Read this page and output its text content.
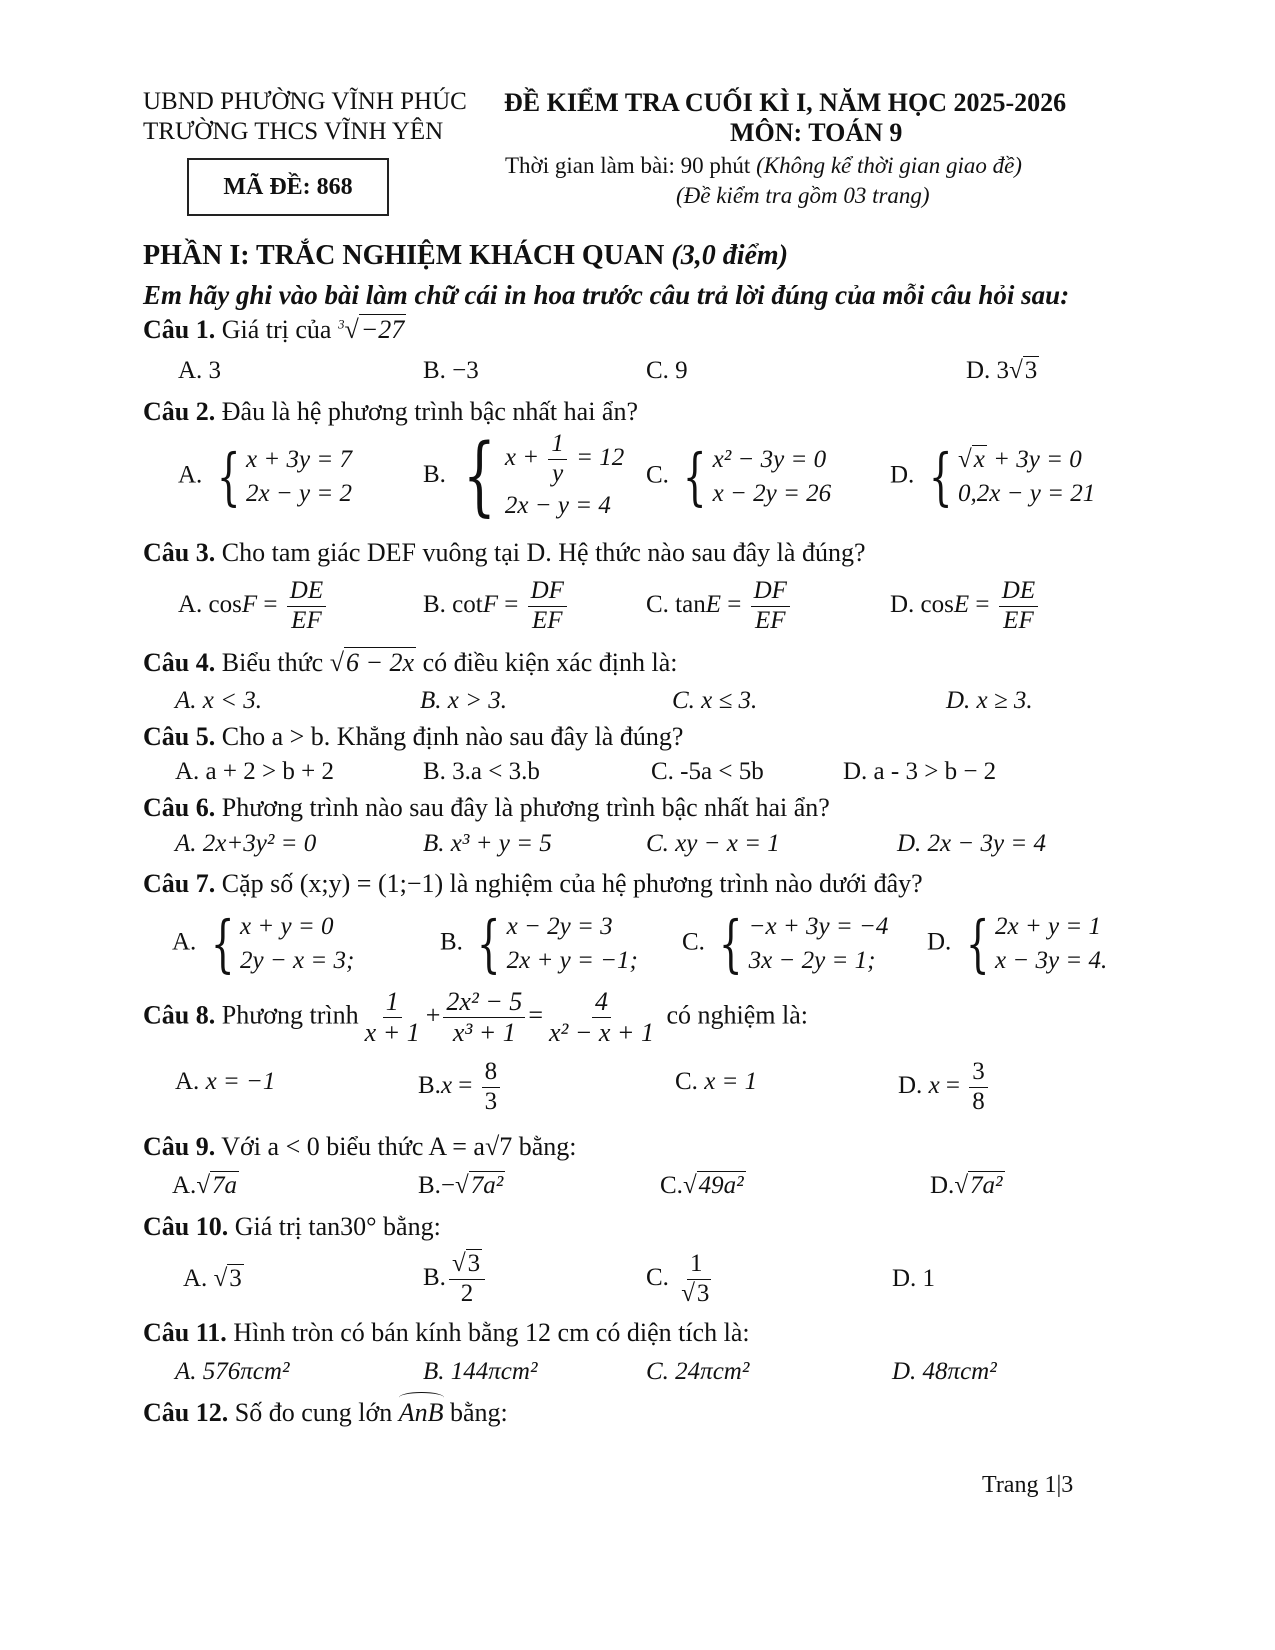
UBND PHƯỜNG VĨNH PHÚC
TRƯỜNG THCS VĨNH YÊN
MÃ ĐỀ: 868
ĐỀ KIỂM TRA CUỐI KÌ I, NĂM HỌC 2025-2026
MÔN: TOÁN 9
Thời gian làm bài: 90 phút (Không kể thời gian giao đề)
(Đề kiểm tra gồm 03 trang)
PHẦN I: TRẮC NGHIỆM KHÁCH QUAN (3,0 điểm)
Em hãy ghi vào bài làm chữ cái in hoa trước câu trả lời đúng của mỗi câu hỏi sau:
Câu 1. Giá trị của $^3$√−27
A. 3	B. −3	C. 9	D. 3√3
Câu 2. Đâu là hệ phương trình bậc nhất hai ẩn?
A. { x + 3y = 7
2x − y = 2
B. { $x + \frac{1}{y} = 12$
2x − y = 4
C. { x² − 3y = 0
x − 2y = 26
D. { √x + 3y = 0
0,2x − y = 21
Câu 3. Cho tam giác DEF vuông tại D. Hệ thức nào sau đây là đúng?
A. $\cos F = \frac{DE}{EF}$	B. $\cot F = \frac{DF}{EF}$	C. $\tan E = \frac{DF}{EF}$	D. $\cos E = \frac{DE}{EF}$
Câu 4. Biểu thức √6 − 2x có điều kiện xác định là:
A. x < 3.	B. x > 3.	C. x ≤ 3.	D. x ≥ 3.
Câu 5. Cho a > b. Khẳng định nào sau đây là đúng?
A. a + 2 > b + 2	B. 3.a < 3.b	C. -5a < 5b	D. a - 3 > b − 2
Câu 6. Phương trình nào sau đây là phương trình bậc nhất hai ẩn?
A. 2x+3y² = 0	B. x³ + y = 5	C. xy − x = 1	D. 2x − 3y = 4
Câu 7. Cặp số (x;y) = (1;−1) là nghiệm của hệ phương trình nào dưới đây?
A. { x + y = 0
2y − x = 3;
B. { x − 2y = 3
2x + y = −1;
C. { −x + 3y = −4
3x − 2y = 1;
D. { 2x + y = 1
x − 3y = 4.
Câu 8. Phương trình $\frac{1}{x + 1} + \frac{\text{2x² − 5}}{\text{x³ + 1}} = \frac{4}{\text{x² − x + 1}}$ có nghiệm là:
A. x = −1	$B.x = \frac{8}{3}$	C. x = 1	D. $x = \frac{3}{8}$
Câu 9. Với a < 0 biểu thức A = a√7 bằng:
A.√7a	B.−√7a²	C.√49a²	D.√7a²
Câu 10. Giá trị tan30° bằng:
A. √3	B. $\frac{√3}{2}$	C. $\frac{1}{√3}$	D. 1
Câu 11. Hình tròn có bán kính bằng 12 cm có diện tích là:
A. 576πcm²	B. 144πcm²	C. 24πcm²	D. 48πcm²
Câu 12. Số đo cung lớn AnB bằng:
Trang 1|3
